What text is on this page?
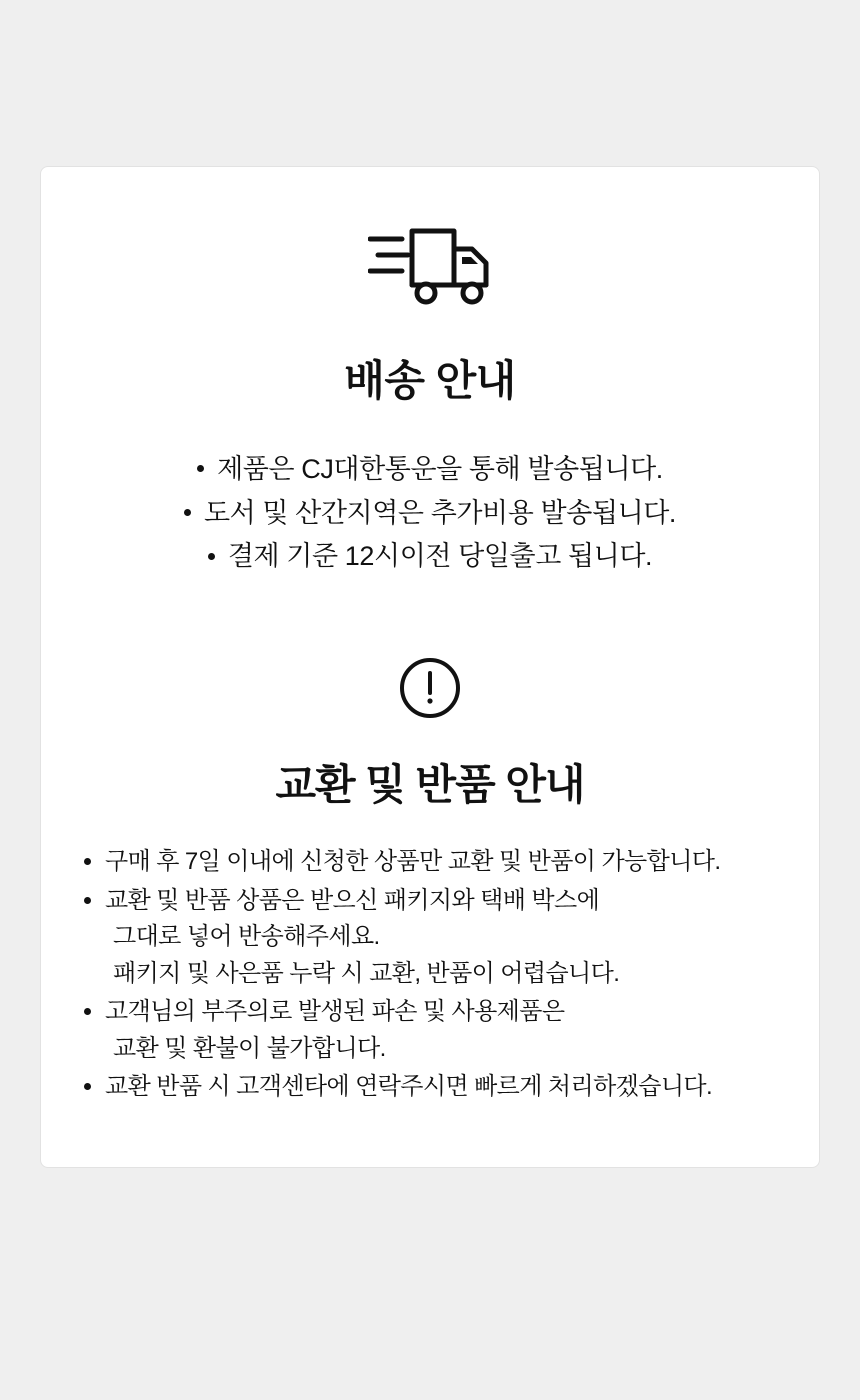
배송 안내
제품은 CJ대한통운을 통해 발송됩니다.
도서 및 산간지역은 추가비용 발송됩니다.
결제 기준 12시이전 당일출고 됩니다.
교환 및 반품 안내
구매 후 7일 이내에 신청한 상품만 교환 및 반품이 가능합니다.
교환 및 반품 상품은 받으신 패키지와 택배 박스에
그대로 넣어 반송해주세요.
패키지 및 사은품 누락 시 교환, 반품이 어렵습니다.
고객님의 부주의로 발생된 파손 및 사용제품은
교환 및 환불이 불가합니다.
교환 반품 시 고객센타에 연락주시면 빠르게 처리하겠습니다.
